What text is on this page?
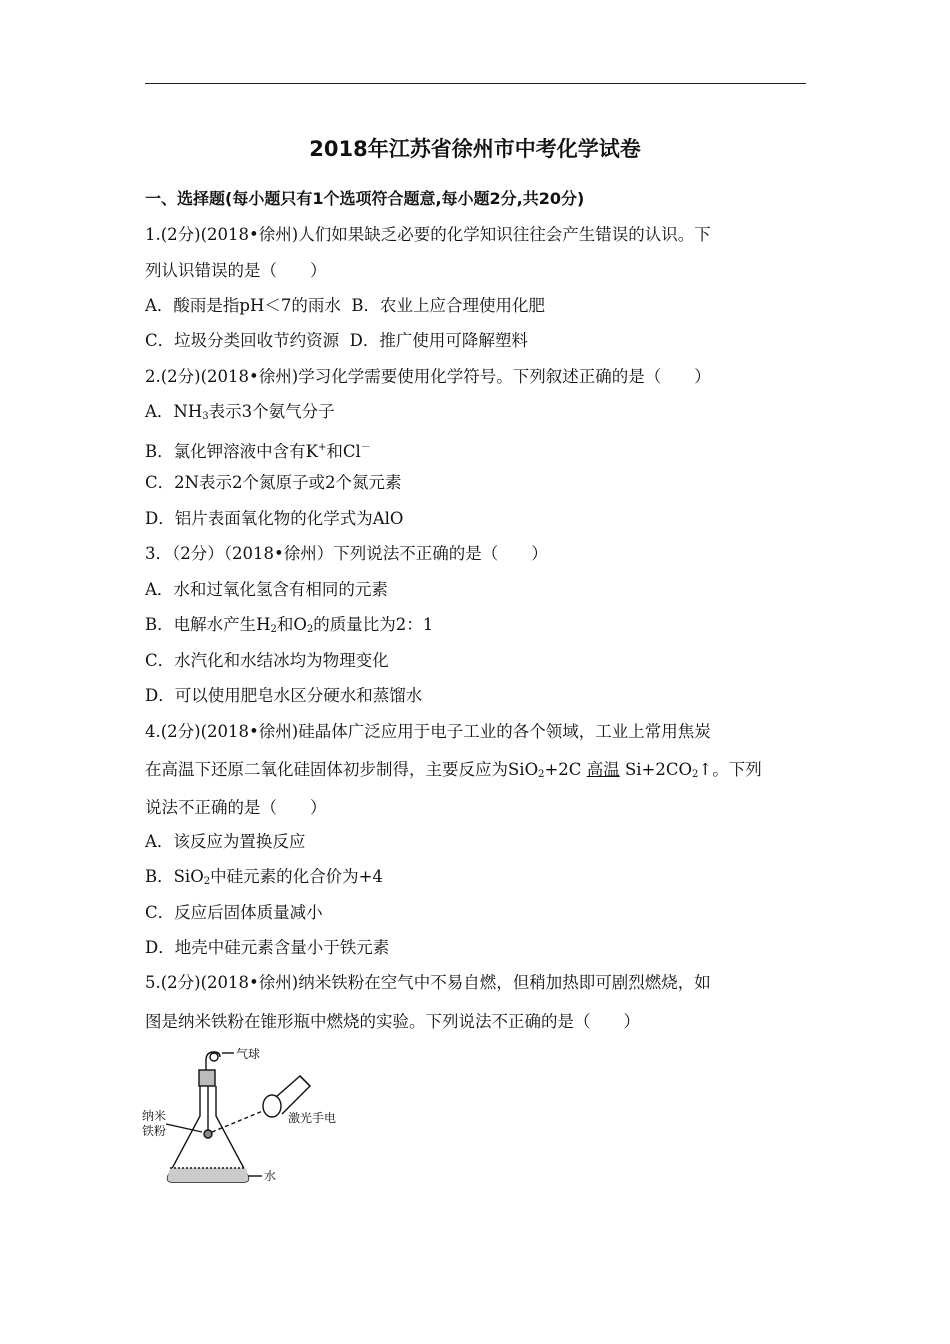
2018年江苏省徐州市中考化学试卷
一、选择题(每小题只有1个选项符合题意,每小题2分,共20分)
1.(2分)(2018•徐州)人们如果缺乏必要的化学知识往往会产生错误的认识。下
列认识错误的是（　　）
A．酸雨是指pH＜7的雨水 B．农业上应合理使用化肥
C．垃圾分类回收节约资源 D．推广使用可降解塑料
2.(2分)(2018•徐州)学习化学需要使用化学符号。下列叙述正确的是（　　）
A．$NH_3$表示3个氨气分子
B．氯化钾溶液中含有K+和Cl－
C．2N表示2个氮原子或2个氮元素
D．铝片表面氧化物的化学式为AlO
3．（2分）（2018•徐州）下列说法不正确的是（　　）
A．水和过氧化氢含有相同的元素
B．电解水产生$H_2$和$O_2$的质量比为2：1
C．水汽化和水结冰均为物理变化
D．可以使用肥皂水区分硬水和蒸馏水
4.(2分)(2018•徐州)硅晶体广泛应用于电子工业的各个领域，工业上常用焦炭
在高温下还原二氧化硅固体初步制得，主要反应为SiO$_2$+2C 高温 $Si+2CO_2↑$。下列
说法不正确的是（　　）
A．该反应为置换反应
B．SiO$_2$中硅元素的化合价为+4
C．反应后固体质量减小
D．地壳中硅元素含量小于铁元素
5.(2分)(2018•徐州)纳米铁粉在空气中不易自燃，但稍加热即可剧烈燃烧，如
图是纳米铁粉在锥形瓶中燃烧的实验。下列说法不正确的是（　　）
气球
激光手电
纳米
铁粉
水
